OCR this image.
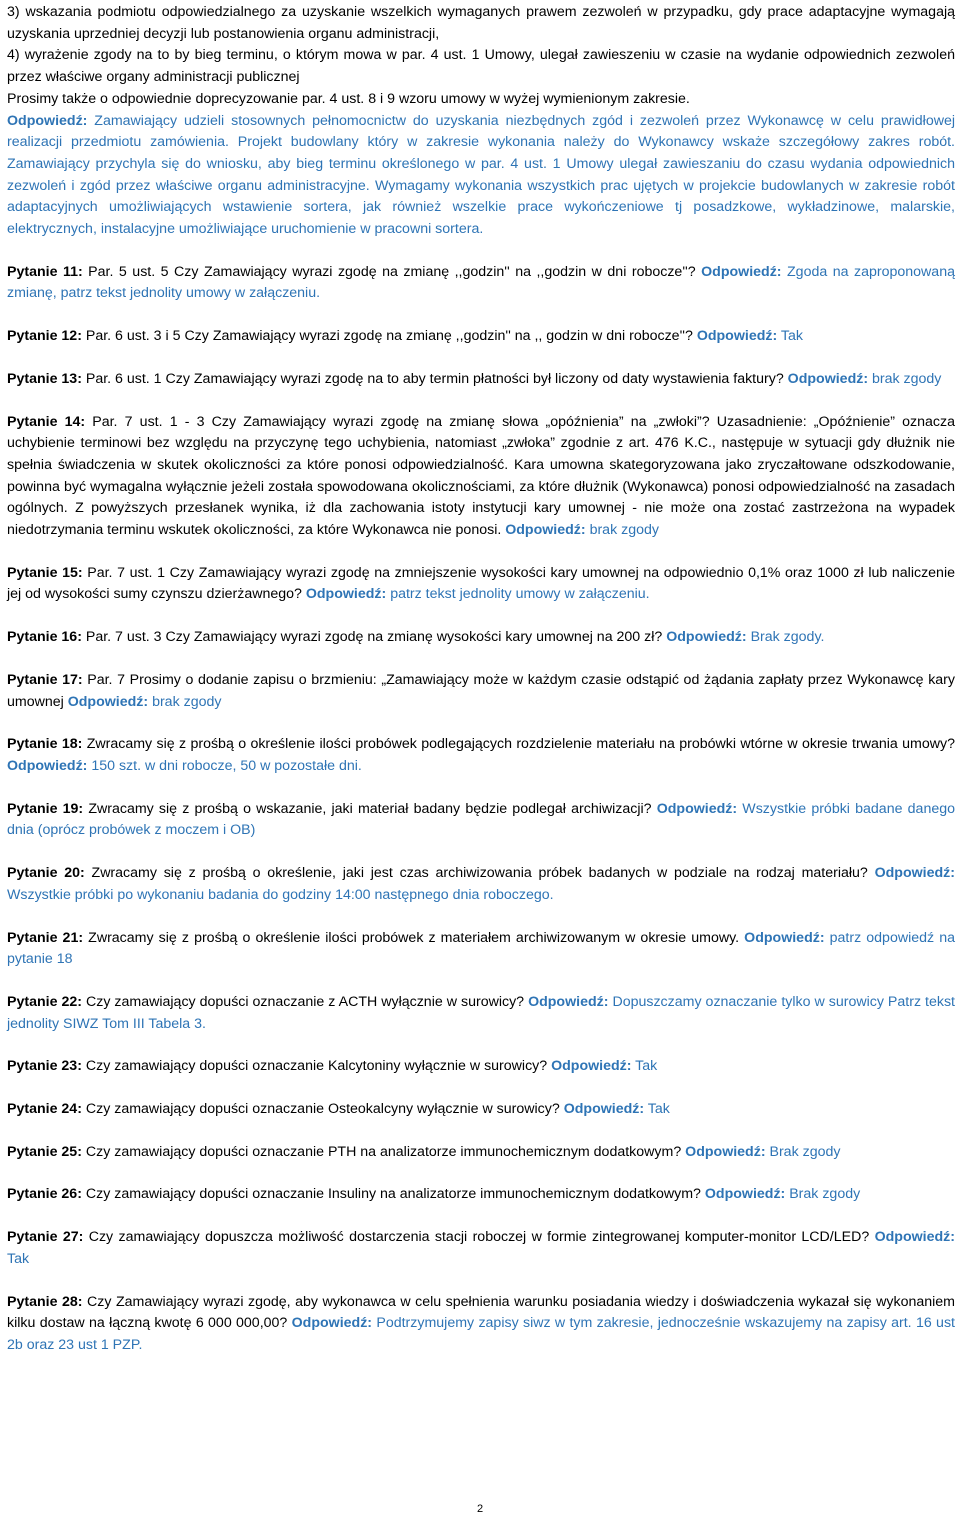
3) wskazania podmiotu odpowiedzialnego za uzyskanie wszelkich wymaganych prawem zezwoleń w przypadku, gdy prace adaptacyjne wymagają uzyskania uprzedniej decyzji lub postanowienia organu administracji,
4) wyrażenie zgody na to by bieg terminu, o którym mowa w par. 4 ust. 1 Umowy, ulegał zawieszeniu w czasie na wydanie odpowiednich zezwoleń przez właściwe organy administracji publicznej
Prosimy także o odpowiednie doprecyzowanie par. 4 ust. 8 i 9 wzoru umowy w wyżej wymienionym zakresie.
Odpowiedź: Zamawiający udzieli stosownych pełnomocnictw do uzyskania niezbędnych zgód i zezwoleń przez Wykonawcę w celu prawidłowej realizacji przedmiotu zamówienia. Projekt budowlany który w zakresie wykonania należy do Wykonawcy wskaże szczegółowy zakres robót. Zamawiający przychyla się do wniosku, aby bieg terminu określonego w par. 4 ust. 1 Umowy ulegał zawieszaniu do czasu wydania odpowiednich zezwoleń i zgód przez właściwe organu administracyjne. Wymagamy wykonania wszystkich prac ujętych w projekcie budowlanych w zakresie robót adaptacyjnych umożliwiających wstawienie sortera, jak również wszelkie prace wykończeniowe tj posadzkowe, wykładzinowe, malarskie, elektrycznych, instalacyjne umożliwiające uruchomienie w pracowni sortera.
Pytanie 11: Par. 5 ust. 5 Czy Zamawiający wyrazi zgodę na zmianę ,,godzin'' na ,,godzin w dni robocze''? Odpowiedź: Zgoda na zaproponowaną zmianę, patrz tekst jednolity umowy w załączeniu.
Pytanie 12: Par. 6 ust. 3 i 5 Czy Zamawiający wyrazi zgodę na zmianę ,,godzin'' na ,, godzin w dni robocze''? Odpowiedź: Tak
Pytanie 13: Par. 6 ust. 1 Czy Zamawiający wyrazi zgodę na to aby termin płatności był liczony od daty wystawienia faktury? Odpowiedź: brak zgody
Pytanie 14: Par. 7 ust. 1 - 3 Czy Zamawiający wyrazi zgodę na zmianę słowa „opóźnienia” na „zwłoki”? Uzasadnienie: „Opóźnienie” oznacza uchybienie terminowi bez względu na przyczynę tego uchybienia, natomiast „zwłoka” zgodnie z art. 476 K.C., następuje w sytuacji gdy dłużnik nie spełnia świadczenia w skutek okoliczności za które ponosi odpowiedzialność. Kara umowna skategoryzowana jako zryczałtowane odszkodowanie, powinna być wymagalna wyłącznie jeżeli została spowodowana okolicznościami, za które dłużnik (Wykonawca) ponosi odpowiedzialność na zasadach ogólnych. Z powyższych przesłanek wynika, iż dla zachowania istoty instytucji kary umownej - nie może ona zostać zastrzeżona na wypadek niedotrzymania terminu wskutek okoliczności, za które Wykonawca nie ponosi. Odpowiedź: brak zgody
Pytanie 15: Par. 7 ust. 1 Czy Zamawiający wyrazi zgodę na zmniejszenie wysokości kary umownej na odpowiednio 0,1% oraz 1000 zł lub naliczenie jej od wysokości sumy czynszu dzierżawnego? Odpowiedź: patrz tekst jednolity umowy w załączeniu.
Pytanie 16: Par. 7 ust. 3 Czy Zamawiający wyrazi zgodę na zmianę wysokości kary umownej na 200 zł? Odpowiedź: Brak zgody.
Pytanie 17: Par. 7 Prosimy o dodanie zapisu o brzmieniu: „Zamawiający może w każdym czasie odstąpić od żądania zapłaty przez Wykonawcę kary umownej Odpowiedź: brak zgody
Pytanie 18: Zwracamy się z prośbą o określenie ilości probówek podlegających rozdzielenie materiału na probówki wtórne w okresie trwania umowy? Odpowiedź: 150 szt. w dni robocze, 50 w pozostałe dni.
Pytanie 19: Zwracamy się z prośbą o wskazanie, jaki materiał badany będzie podlegał archiwizacji? Odpowiedź: Wszystkie próbki badane danego dnia (oprócz probówek z moczem i OB)
Pytanie 20: Zwracamy się z prośbą o określenie, jaki jest czas archiwizowania próbek badanych w podziale na rodzaj materiału? Odpowiedź: Wszystkie próbki po wykonaniu badania do godziny 14:00 następnego dnia roboczego.
Pytanie 21: Zwracamy się z prośbą o określenie ilości probówek z materiałem archiwizowanym w okresie umowy. Odpowiedź: patrz odpowiedź na pytanie 18
Pytanie 22: Czy zamawiający dopuści oznaczanie z ACTH wyłącznie w surowicy? Odpowiedź: Dopuszczamy oznaczanie tylko w surowicy Patrz tekst jednolity SIWZ Tom III Tabela 3.
Pytanie 23: Czy zamawiający dopuści oznaczanie Kalcytoniny wyłącznie w surowicy? Odpowiedź: Tak
Pytanie 24: Czy zamawiający dopuści oznaczanie Osteokalcyny wyłącznie w surowicy? Odpowiedź: Tak
Pytanie 25: Czy zamawiający dopuści oznaczanie PTH na analizatorze immunochemicznym dodatkowym? Odpowiedź: Brak zgody
Pytanie 26: Czy zamawiający dopuści oznaczanie Insuliny na analizatorze immunochemicznym dodatkowym? Odpowiedź: Brak zgody
Pytanie 27: Czy zamawiający dopuszcza możliwość dostarczenia stacji roboczej w formie zintegrowanej komputer-monitor LCD/LED? Odpowiedź: Tak
Pytanie 28: Czy Zamawiający wyrazi zgodę, aby wykonawca w celu spełnienia warunku posiadania wiedzy i doświadczenia wykazał się wykonaniem kilku dostaw na łączną kwotę 6 000 000,00? Odpowiedź: Podtrzymujemy zapisy siwz w tym zakresie, jednocześnie wskazujemy na zapisy art. 16 ust 2b oraz 23 ust 1 PZP.
2
